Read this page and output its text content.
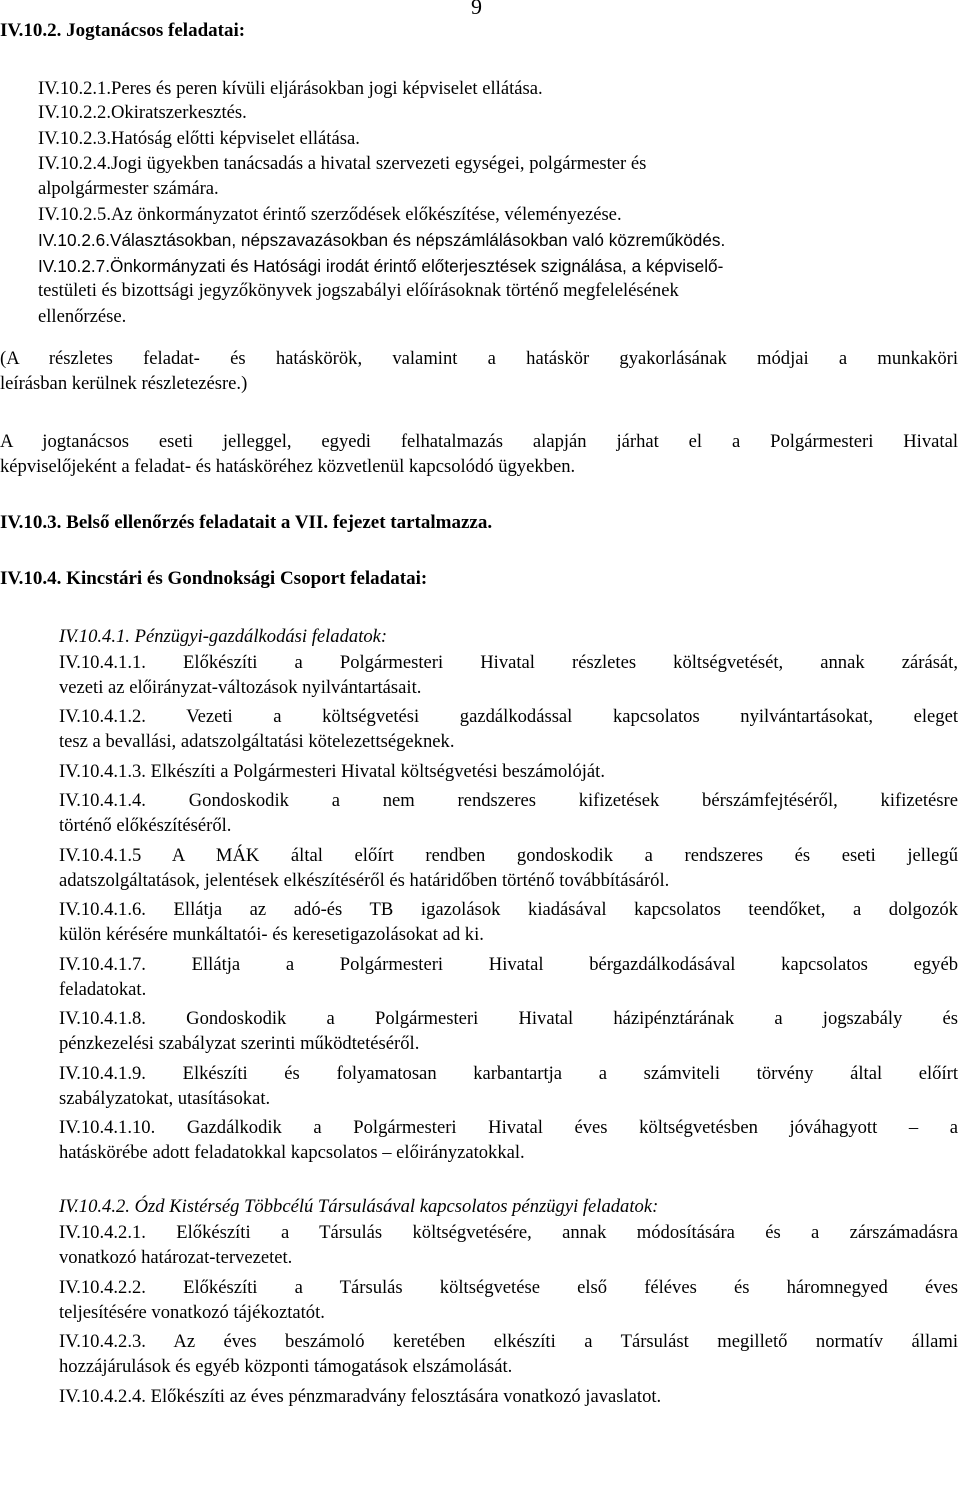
9
IV.10.2. Jogtanácsos feladatai:
IV.10.2.1.Peres és peren kívüli eljárásokban jogi képviselet ellátása.
IV.10.2.2.Okiratszerkesztés.
IV.10.2.3.Hatóság előtti képviselet ellátása.
IV.10.2.4.Jogi ügyekben tanácsadás a hivatal szervezeti egységei, polgármester és
alpolgármester számára.
IV.10.2.5.Az önkormányzatot érintő szerződések előkészítése, véleményezése.
IV.10.2.6.Választásokban, népszavazásokban és népszámlálásokban való közreműködés.
IV.10.2.7.Önkormányzati és Hatósági irodát érintő előterjesztések szignálása, a képviselő-
testületi és bizottsági jegyzőkönyvek jogszabályi előírásoknak történő megfelelésének
ellenőrzése.
(A részletes feladat- és hatáskörök, valamint a hatáskör gyakorlásának módjai a munkaköri
leírásban kerülnek részletezésre.)
A jogtanácsos eseti jelleggel, egyedi felhatalmazás alapján járhat el a Polgármesteri Hivatal
képviselőjeként a feladat- és hatásköréhez közvetlenül kapcsolódó ügyekben.
IV.10.3. Belső ellenőrzés feladatait a VII. fejezet tartalmazza.
IV.10.4. Kincstári és Gondnoksági Csoport feladatai:
IV.10.4.1. Pénzügyi-gazdálkodási feladatok:
IV.10.4.1.1. Előkészíti a Polgármesteri Hivatal részletes költségvetését, annak zárását,
vezeti az előirányzat-változások nyilvántartásait.
IV.10.4.1.2. Vezeti a költségvetési gazdálkodással kapcsolatos nyilvántartásokat, eleget
tesz a bevallási, adatszolgáltatási kötelezettségeknek.
IV.10.4.1.3. Elkészíti a Polgármesteri Hivatal költségvetési beszámolóját.
IV.10.4.1.4. Gondoskodik a nem rendszeres kifizetések bérszámfejtéséről, kifizetésre
történő előkészítéséről.
IV.10.4.1.5 A MÁK által előírt rendben gondoskodik a rendszeres és eseti jellegű
adatszolgáltatások, jelentések elkészítéséről és határidőben történő továbbításáról.
IV.10.4.1.6. Ellátja az adó-és TB igazolások kiadásával kapcsolatos teendőket, a dolgozók
külön kérésére munkáltatói- és keresetigazolásokat ad ki.
IV.10.4.1.7. Ellátja a Polgármesteri Hivatal bérgazdálkodásával kapcsolatos egyéb
feladatokat.
IV.10.4.1.8. Gondoskodik a Polgármesteri Hivatal házipénztárának a jogszabály és
pénzkezelési szabályzat szerinti működtetéséről.
IV.10.4.1.9. Elkészíti és folyamatosan karbantartja a számviteli törvény által előírt
szabályzatokat, utasításokat.
IV.10.4.1.10. Gazdálkodik a Polgármesteri Hivatal éves költségvetésben jóváhagyott – a
hatáskörébe adott feladatokkal kapcsolatos – előirányzatokkal.
IV.10.4.2. Ózd Kistérség Többcélú Társulásával kapcsolatos pénzügyi feladatok:
IV.10.4.2.1. Előkészíti a Társulás költségvetésére, annak módosítására és a zárszámadásra
vonatkozó határozat-tervezetet.
IV.10.4.2.2. Előkészíti a Társulás költségvetése első féléves és háromnegyed éves
teljesítésére vonatkozó tájékoztatót.
IV.10.4.2.3. Az éves beszámoló keretében elkészíti a Társulást megillető normatív állami
hozzájárulások és egyéb központi támogatások elszámolását.
IV.10.4.2.4. Előkészíti az éves pénzmaradvány felosztására vonatkozó javaslatot.
